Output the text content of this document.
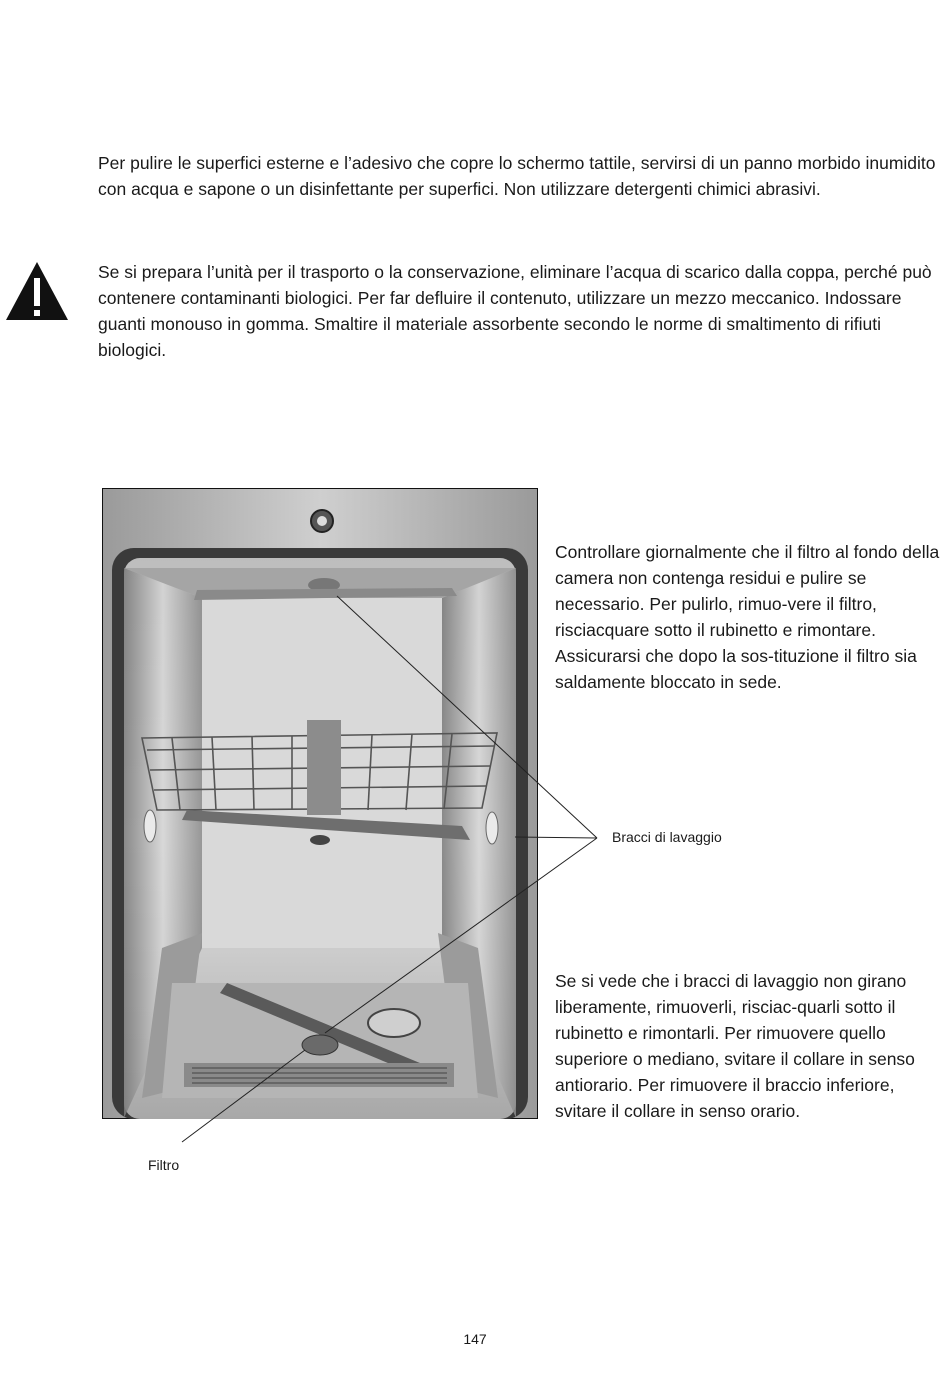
Per pulire le superfici esterne e l’adesivo che copre lo schermo tattile, servirsi di un panno morbido inumidito con acqua e sapone o un disinfettante per superfici. Non utilizzare detergenti chimici abrasivi.

Se si prepara l’unità per il trasporto o la conservazione, eliminare l’acqua di scarico dalla coppa, perché può contenere contaminanti biologici. Per far defluire il contenuto, utilizzare un mezzo meccanico. Indossare guanti monouso in gomma. Smaltire il materiale assorbente secondo le norme di smaltimento di rifiuti biologici.

Bracci di lavaggio
Filtro

Controllare giornalmente che il filtro al fondo della camera non contenga residui e pulire se necessario. Per pulirlo, rimuo-vere il filtro, risciacquare sotto il rubinetto e rimontare. Assicurarsi che dopo la sos-tituzione il filtro sia saldamente bloccato in sede.

Se si vede che i bracci di lavaggio non girano liberamente, rimuoverli, risciac-quarli sotto il rubinetto e rimontarli. Per rimuovere quello superiore o mediano, svitare il collare in senso antiorario. Per rimuovere il braccio inferiore, svitare il collare in senso orario.

147
